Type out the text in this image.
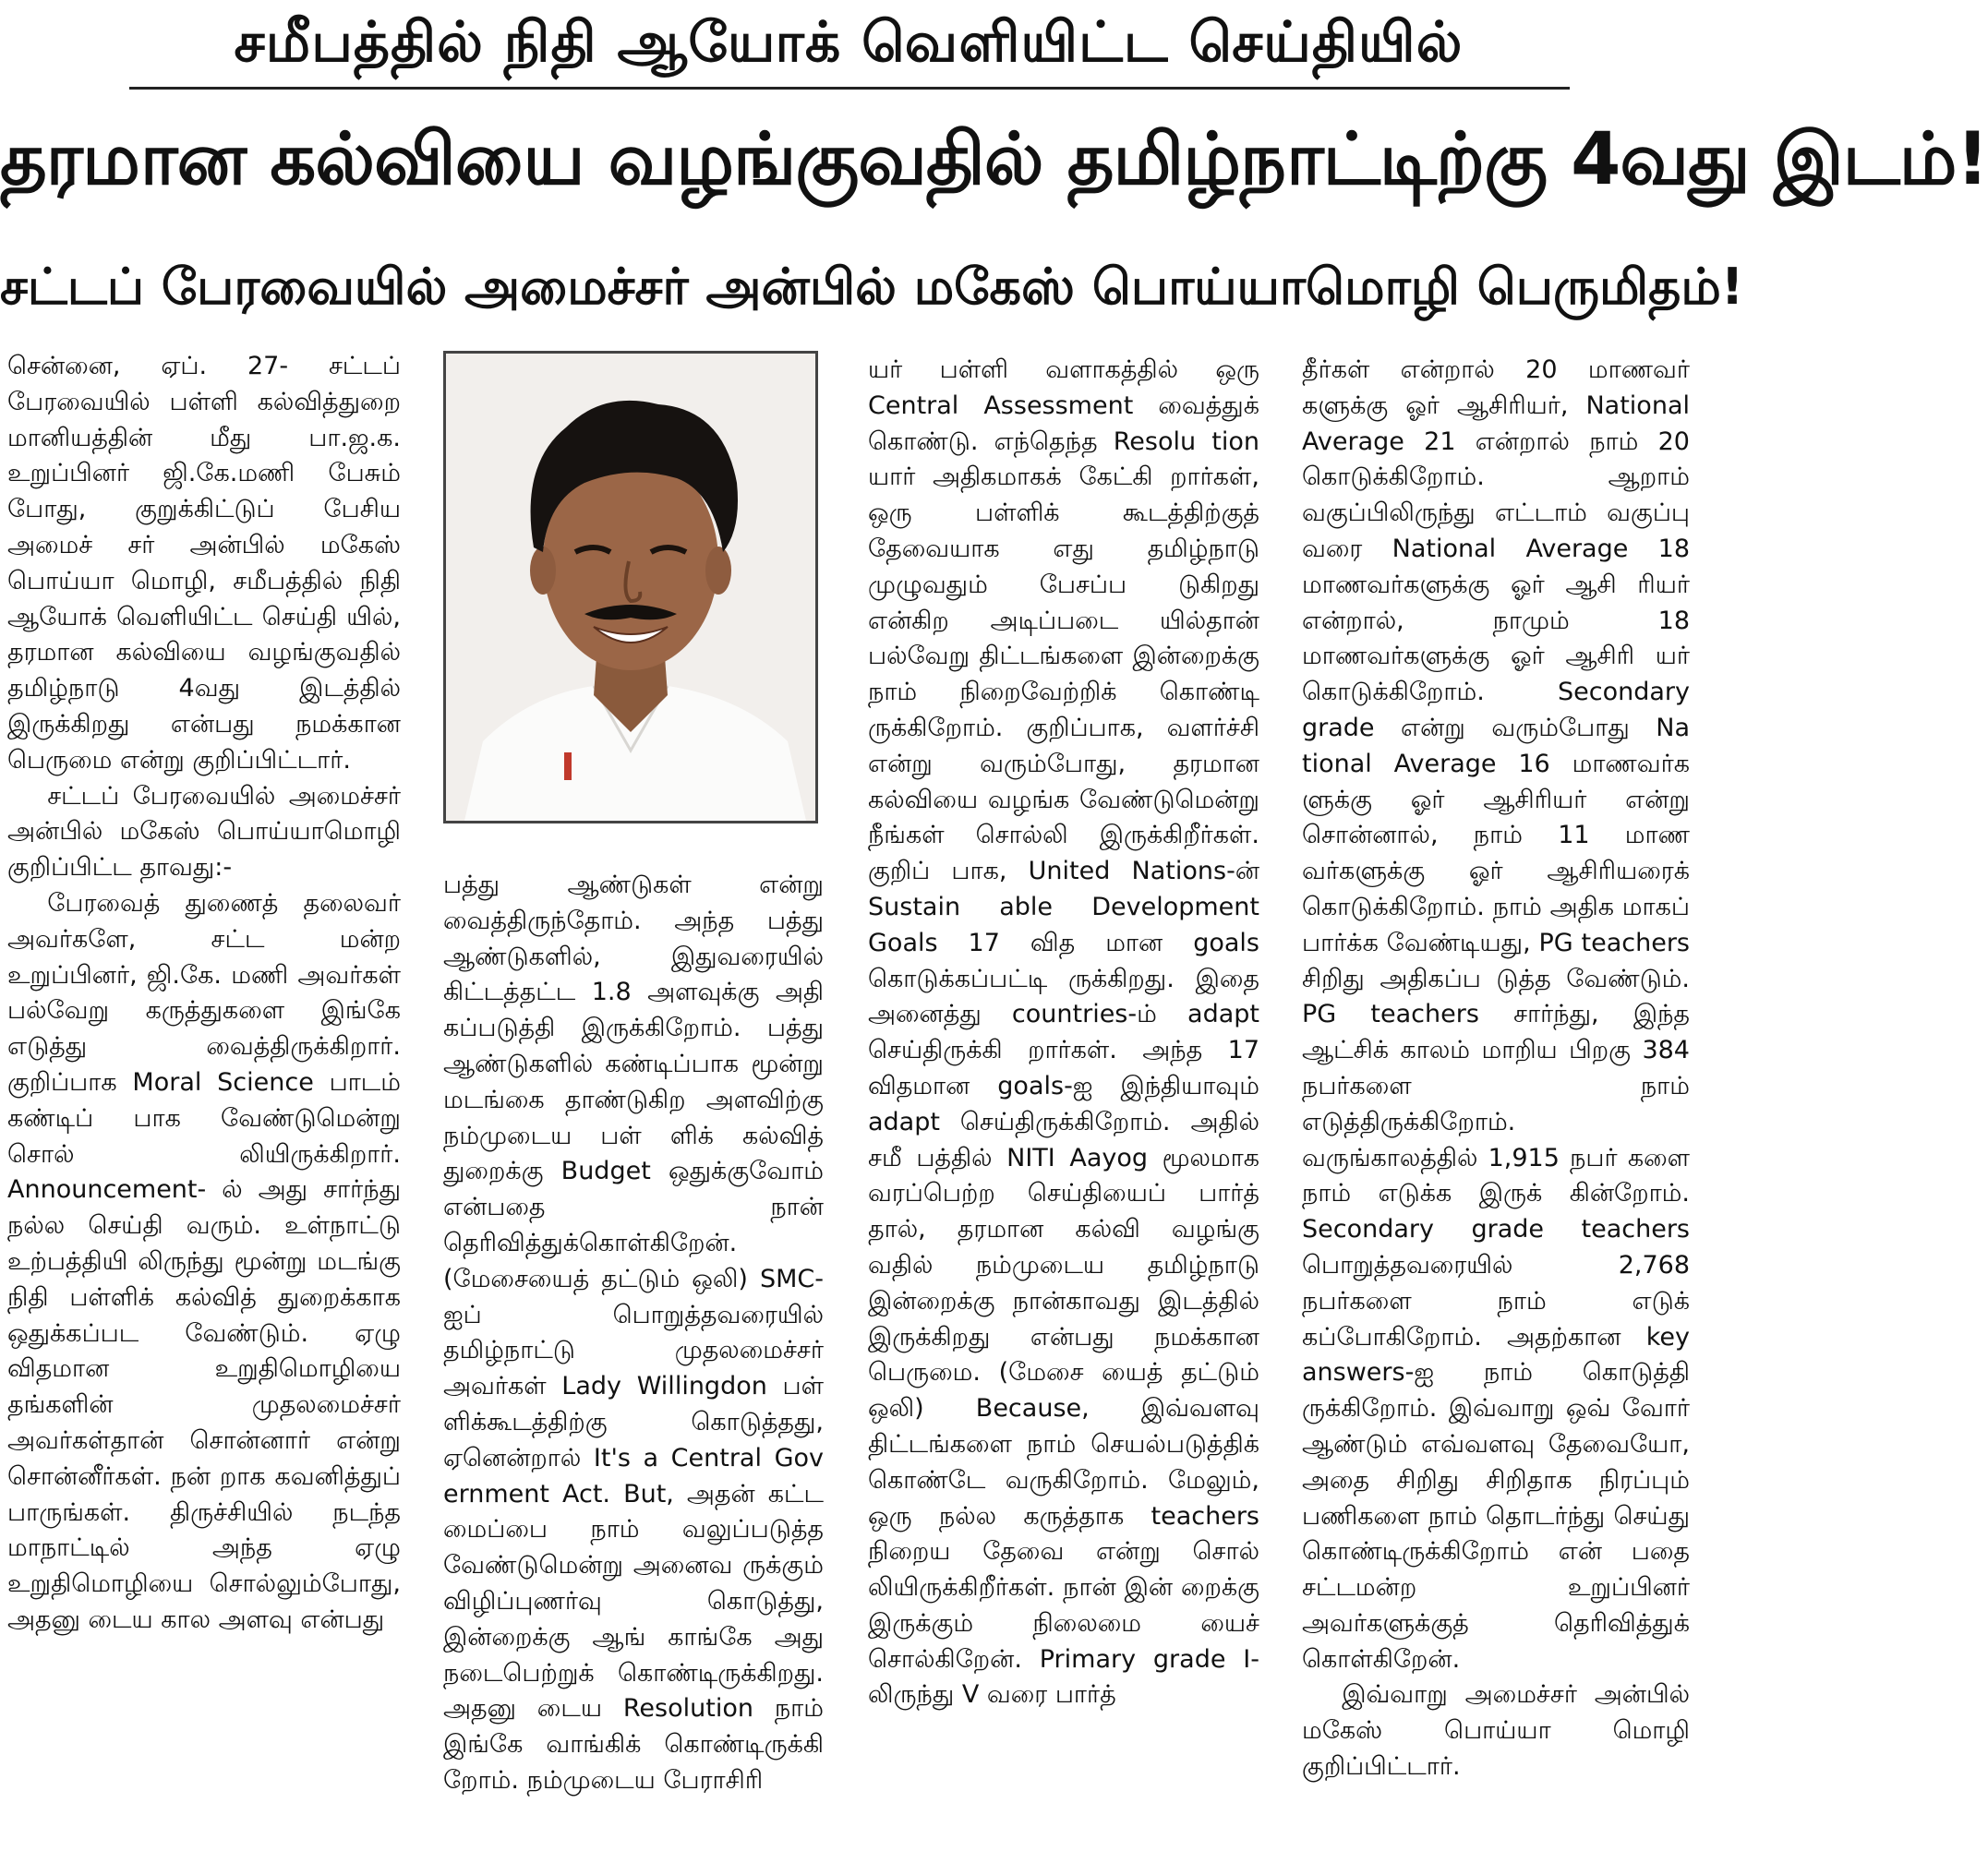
சமீபத்தில் நிதி ஆயோக் வெளியிட்ட செய்தியில்
தரமான கல்வியை வழங்குவதில் தமிழ்நாட்டிற்கு 4வது இடம்!
சட்டப் பேரவையில் அமைச்சர் அன்பில் மகேஸ் பொய்யாமொழி பெருமிதம்!

சென்னை, ஏப். 27- சட்டப் பேரவையில் பள்ளி கல்வித்துறை மானியத்தின் மீது பா.ஜ.க. உறுப்பினர் ஜி.கே.மணி பேசும் போது, குறுக்கிட்டுப் பேசிய அமைச் சர் அன்பில் மகேஸ் பொய்யா மொழி, சமீபத்தில் நிதி ஆயோக் வெளியிட்ட செய்தி யில், தரமான கல்வியை வழங்குவதில் தமிழ்நாடு 4வது இடத்தில் இருக்கிறது என்பது நமக்கான பெருமை என்று குறிப்பிட்டார்.

சட்டப் பேரவையில் அமைச்சர் அன்பில் மகேஸ் பொய்யாமொழி குறிப்பிட்ட தாவது:-

பேரவைத் துணைத் தலைவர் அவர்களே, சட்ட மன்ற உறுப்பினர், ஜி.கே. மணி அவர்கள் பல்வேறு கருத்துகளை இங்கே எடுத்து வைத்திருக்கிறார். குறிப்பாக Moral Science பாடம் கண்டிப் பாக வேண்டுமென்று சொல் லியிருக்கிறார். Announcement- ல் அது சார்ந்து நல்ல செய்தி வரும். உள்நாட்டு உற்பத்தியி லிருந்து மூன்று மடங்கு நிதி பள்ளிக் கல்வித் துறைக்காக ஒதுக்கப்பட வேண்டும். ஏழு விதமான உறுதிமொழியை தங்களின் முதலமைச்சர் அவர்கள்தான் சொன்னார் என்று சொன்னீர்கள். நன் றாக கவனித்துப் பாருங்கள். திருச்சியில் நடந்த மாநாட்டில் அந்த ஏழு உறுதிமொழியை சொல்லும்போது, அதனு டைய கால அளவு என்பது

பத்து ஆண்டுகள் என்று வைத்திருந்தோம். அந்த பத்து ஆண்டுகளில், இதுவரையில் கிட்டத்தட்ட 1.8 அளவுக்கு அதி கப்படுத்தி இருக்கிறோம். பத்து ஆண்டுகளில் கண்டிப்பாக மூன்று மடங்கை தாண்டுகிற அளவிற்கு நம்முடைய பள் ளிக் கல்வித் துறைக்கு Budget ஒதுக்குவோம் என்பதை நான் தெரிவித்துக்கொள்கிறேன். (மேசையைத் தட்டும் ஒலி) SMC-ஐப் பொறுத்தவரையில் தமிழ்நாட்டு முதலமைச்சர் அவர்கள் Lady Willingdon பள் ளிக்கூடத்திற்கு கொடுத்தது, ஏனென்றால் It's a Central Gov ernment Act. But, அதன் கட்ட மைப்பை நாம் வலுப்படுத்த வேண்டுமென்று அனைவ ருக்கும் விழிப்புணர்வு கொடுத்து, இன்றைக்கு ஆங் காங்கே அது நடைபெற்றுக் கொண்டிருக்கிறது. அதனு டைய Resolution நாம் இங்கே வாங்கிக் கொண்டிருக்கி றோம். நம்முடைய பேராசிரி

யர் பள்ளி வளாகத்தில் ஒரு Central Assessment வைத்துக் கொண்டு. எந்தெந்த Resolu tion யார் அதிகமாகக் கேட்கி றார்கள், ஒரு பள்ளிக் கூடத்திற்குத் தேவையாக எது தமிழ்நாடு முழுவதும் பேசப்ப டுகிறது என்கிற அடிப்படை யில்தான் பல்வேறு திட்டங்களை இன்றைக்கு நாம் நிறைவேற்றிக் கொண்டி ருக்கிறோம். குறிப்பாக, வளர்ச்சி என்று வரும்போது, தரமான கல்வியை வழங்க வேண்டுமென்று நீங்கள் சொல்லி இருக்கிறீர்கள். குறிப் பாக, United Nations-ன் Sustain able Development Goals 17 வித மான goals கொடுக்கப்பட்டி ருக்கிறது. இதை அனைத்து countries-ம் adapt செய்திருக்கி றார்கள். அந்த 17 விதமான goals-ஐ இந்தியாவும் adapt செய்திருக்கிறோம். அதில் சமீ பத்தில் NITI Aayog மூலமாக வரப்பெற்ற செய்தியைப் பார்த் தால், தரமான கல்வி வழங்கு வதில் நம்முடைய தமிழ்நாடு இன்றைக்கு நான்காவது இடத்தில் இருக்கிறது என்பது நமக்கான பெருமை. (மேசை யைத் தட்டும் ஒலி) Because, இவ்வளவு திட்டங்களை நாம் செயல்படுத்திக் கொண்டே வருகிறோம். மேலும், ஒரு நல்ல கருத்தாக teachers நிறைய தேவை என்று சொல் லியிருக்கிறீர்கள். நான் இன் றைக்கு இருக்கும் நிலைமை யைச் சொல்கிறேன். Primary grade I-லிருந்து V வரை பார்த்

தீர்கள் என்றால் 20 மாணவர் களுக்கு ஓர் ஆசிரியர், National Average 21 என்றால் நாம் 20 கொடுக்கிறோம். ஆறாம் வகுப்பிலிருந்து எட்டாம் வகுப்பு வரை National Average 18 மாணவர்களுக்கு ஓர் ஆசி ரியர் என்றால், நாமும் 18 மாணவர்களுக்கு ஓர் ஆசிரி யர் கொடுக்கிறோம். Secondary grade என்று வரும்போது Na tional Average 16 மாணவர்க ளுக்கு ஓர் ஆசிரியர் என்று சொன்னால், நாம் 11 மாண வர்களுக்கு ஓர் ஆசிரியரைக் கொடுக்கிறோம். நாம் அதிக மாகப் பார்க்க வேண்டியது, PG teachers சிறிது அதிகப்ப டுத்த வேண்டும். PG teachers சார்ந்து, இந்த ஆட்சிக் காலம் மாறிய பிறகு 384 நபர்களை நாம் எடுத்திருக்கிறோம். வருங்காலத்தில் 1,915 நபர் களை நாம் எடுக்க இருக் கின்றோம். Secondary grade teachers பொறுத்தவரையில் 2,768 நபர்களை நாம் எடுக் கப்போகிறோம். அதற்கான key answers-ஐ நாம் கொடுத்தி ருக்கிறோம். இவ்வாறு ஒவ் வோர் ஆண்டும் எவ்வளவு தேவையோ, அதை சிறிது சிறிதாக நிரப்பும் பணிகளை நாம் தொடர்ந்து செய்து கொண்டிருக்கிறோம் என் பதை சட்டமன்ற உறுப்பினர் அவர்களுக்குத் தெரிவித்துக் கொள்கிறேன்.

இவ்வாறு அமைச்சர் அன்பில் மகேஸ் பொய்யா மொழி குறிப்பிட்டார்.
